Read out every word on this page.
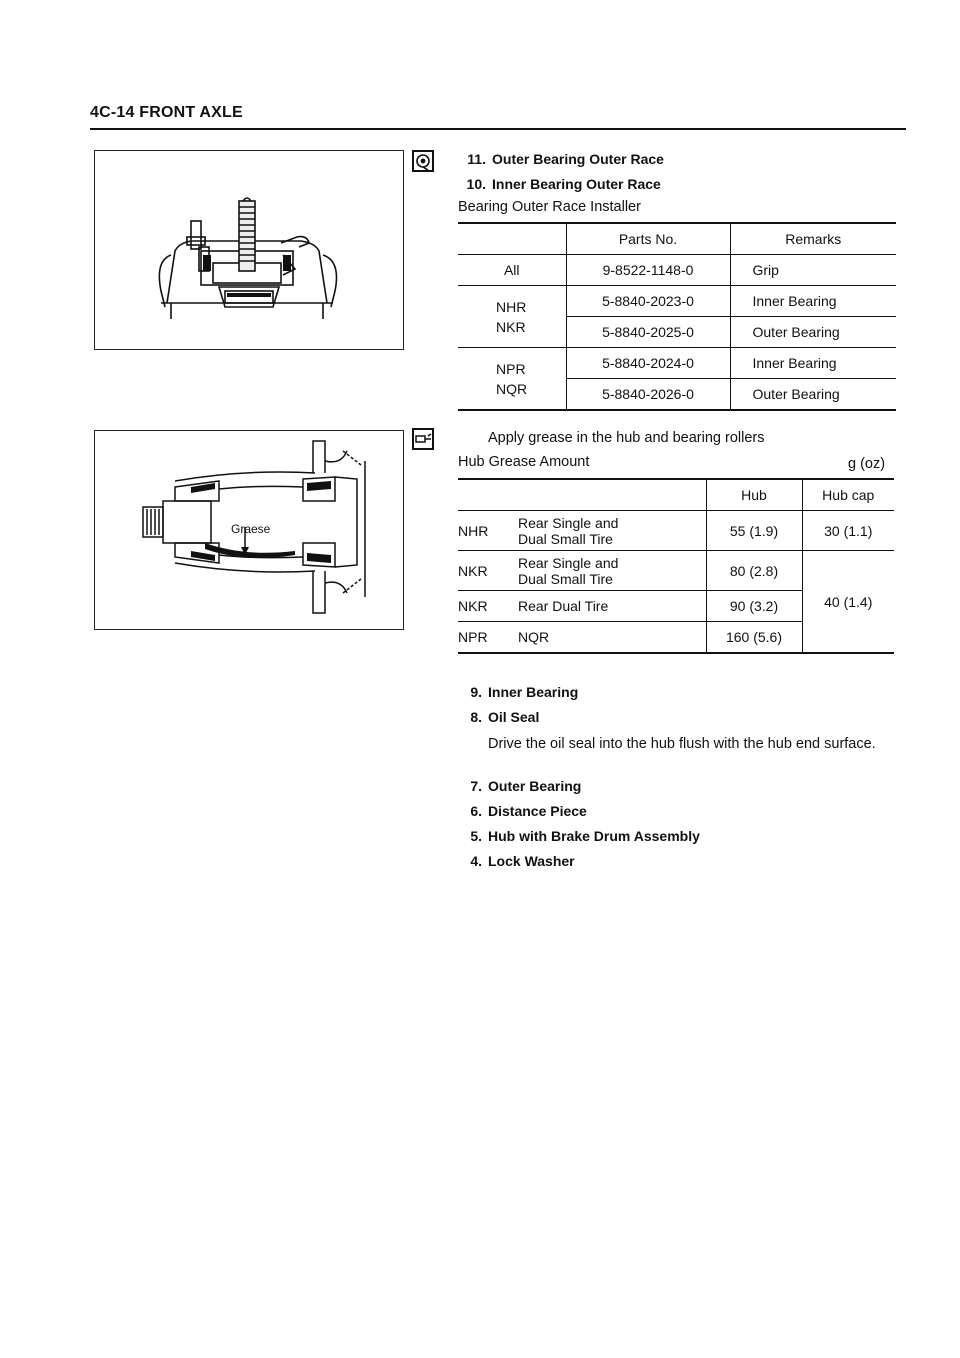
4C-14 FRONT AXLE
Graese
11. Outer Bearing Outer Race
10. Inner Bearing Outer Race
Bearing Outer Race Installer
	Parts No.	Remarks
All	9-8522-1148-0	Grip
NHR
NKR	5-8840-2023-0	Inner Bearing
	5-8840-2025-0	Outer Bearing
NPR
NQR	5-8840-2024-0	Inner Bearing
	5-8840-2026-0	Outer Bearing
Apply grease in the hub and bearing rollers
Hub Grease Amount	g (oz)
		Hub	Hub cap
NHR	Rear Single and
Dual Small Tire	55 (1.9)	30 (1.1)
NKR	Rear Single and
Dual Small Tire	80 (2.8)	40 (1.4)
NKR	Rear Dual Tire	90 (3.2)	
NPR	NQR	160 (5.6)	
9. Inner Bearing
8. Oil Seal
Drive the oil seal into the hub flush with the hub end surface.
7. Outer Bearing
6. Distance Piece
5. Hub with Brake Drum Assembly
4. Lock Washer
